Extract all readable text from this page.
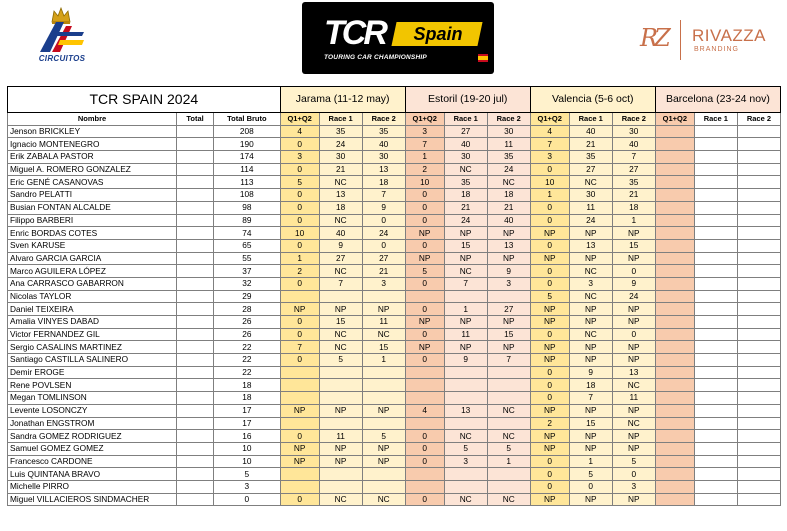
CIRCUITOS
TCR	Spain
TOURING CAR CHAMPIONSHIP
RZ RIVAZZA
BRANDING
TCR SPAIN 2024			Jarama (11-12 may)			Estoril (19-20 jul)			Valencia (5-6 oct)			Barcelona (23-24 nov)		
Nombre	Total	Total Bruto	Q1+Q2	Race 1	Race 2	Q1+Q2	Race 1	Race 2	Q1+Q2	Race 1	Race 2	Q1+Q2	Race 1	Race 2
Jenson BRICKLEY		208	4	35	35	3	27	30	4	40	30			
Ignacio MONTENEGRO		190	0	24	40	7	40	11	7	21	40			
Erik ZABALA PASTOR		174	3	30	30	1	30	35	3	35	7			
Miguel A. ROMERO GONZALEZ		114	0	21	13	2	NC	24	0	27	27			
Eric GENÉ CASANOVAS		113	5	NC	18	10	35	NC	10	NC	35			
Sandro PELATTI		108	0	13	7	0	18	18	1	30	21			
Busian FONTAN ALCALDE		98	0	18	9	0	21	21	0	11	18			
Filippo BARBERI		89	0	NC	0	0	24	40	0	24	1			
Enric BORDAS COTES		74	10	40	24	NP	NP	NP	NP	NP	NP			
Sven KARUSE		65	0	9	0	0	15	13	0	13	15			
Alvaro GARCIA GARCIA		55	1	27	27	NP	NP	NP	NP	NP	NP			
Marco AGUILERA LÓPEZ		37	2	NC	21	5	NC	9	0	NC	0			
Ana CARRASCO GABARRON		32	0	7	3	0	7	3	0	3	9			
Nicolas TAYLOR		29							5	NC	24			
Daniel TEIXEIRA		28	NP	NP	NP	0	1	27	NP	NP	NP			
Amalia VINYES DABAD		26	0	15	11	NP	NP	NP	NP	NP	NP			
Victor FERNANDEZ GIL		26	0	NC	NC	0	11	15	0	NC	0			
Sergio CASALINS MARTINEZ		22	7	NC	15	NP	NP	NP	NP	NP	NP			
Santiago CASTILLA SALINERO		22	0	5	1	0	9	7	NP	NP	NP			
Demir EROGE		22							0	9	13			
Rene POVLSEN		18							0	18	NC			
Megan TOMLINSON		18							0	7	11			
Levente LOSONCZY		17	NP	NP	NP	4	13	NC	NP	NP	NP			
Jonathan ENGSTROM		17							2	15	NC			
Sandra GOMEZ RODRIGUEZ		16	0	11	5	0	NC	NC	NP	NP	NP			
Samuel GOMEZ GOMEZ		10	NP	NP	NP	0	5	5	NP	NP	NP			
Francesco CARDONE		10	NP	NP	NP	0	3	1	0	1	5			
Luis QUINTANA BRAVO		5							0	5	0			
Michelle PIRRO		3							0	0	3			
Miguel VILLACIEROS SINDMACHER		0	0	NC	NC	0	NC	NC	NP	NP	NP			
